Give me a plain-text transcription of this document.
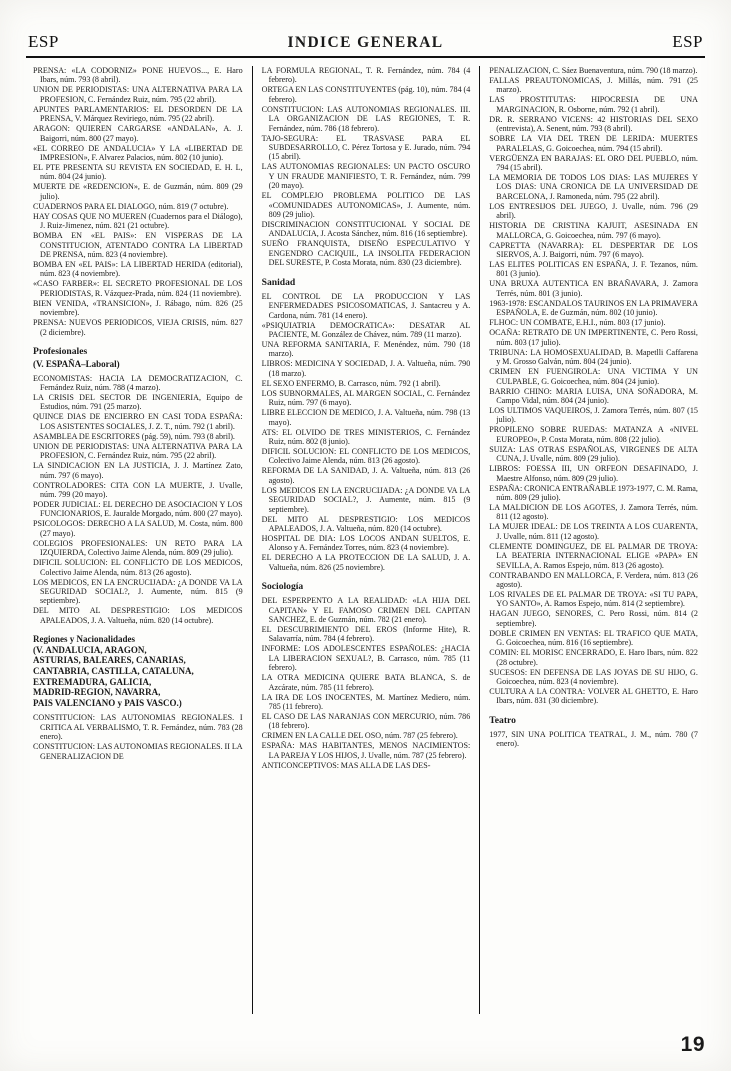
ESP	INDICE GENERAL	ESP
PRENSA: «LA CODORNIZ» PONE HUEVOS..., E. Haro Ibars, núm. 793 (8 abril).
UNION DE PERIODISTAS: UNA ALTERNATIVA PARA LA PROFESION, C. Fernández Ruiz, núm. 795 (22 abril).
APUNTES PARLAMENTARIOS: EL DESORDEN DE LA PRENSA, V. Márquez Reviriego, núm. 795 (22 abril).
ARAGON: QUIEREN CARGARSE «ANDALAN», A. J. Baigorri, núm. 800 (27 mayo).
«EL CORREO DE ANDALUCIA» Y LA «LIBERTAD DE IMPRESION», F. Alvarez Palacios, núm. 802 (10 junio).
EL PTE PRESENTA SU REVISTA EN SOCIEDAD, E. H. L, núm. 804 (24 junio).
MUERTE DE «REDENCION», E. de Guzmán, núm. 809 (29 julio).
CUADERNOS PARA EL DIALOGO, núm. 819 (7 octubre).
HAY COSAS QUE NO MUEREN (Cuadernos para el Diálogo), J. Ruiz-Jimenez, núm. 821 (21 octubre).
BOMBA EN «EL PAIS»: EN VISPERAS DE LA CONSTITUCION, ATENTADO CONTRA LA LIBERTAD DE PRENSA, núm. 823 (4 noviembre).
BOMBA EN «EL PAIS»: LA LIBERTAD HERIDA (editorial), núm. 823 (4 noviembre).
«CASO FARBER»: EL SECRETO PROFESIONAL DE LOS PERIODISTAS, R. Vázquez-Prada, núm. 824 (11 noviembre).
BIEN VENIDA, «TRANSICION», J. Rábago, núm. 826 (25 noviembre).
PRENSA: NUEVOS PERIODICOS, VIEJA CRISIS, núm. 827 (2 diciembre).
Profesionales
(V. ESPAÑA–Laboral)
ECONOMISTAS: HACIA LA DEMOCRATIZACION, C. Fernández Ruiz, núm. 788 (4 marzo).
LA CRISIS DEL SECTOR DE INGENIERIA, Equipo de Estudios, núm. 791 (25 marzo).
QUINCE DIAS DE ENCIERRO EN CASI TODA ESPAÑA: LOS ASISTENTES SOCIALES, J. Z. T., núm. 792 (1 abril).
ASAMBLEA DE ESCRITORES (pág. 59), núm. 793 (8 abril).
UNION DE PERIODISTAS: UNA ALTERNATIVA PARA LA PROFESION, C. Fernández Ruiz, núm. 795 (22 abril).
LA SINDICACION EN LA JUSTICIA, J. J. Martínez Zato, núm. 797 (6 mayo).
CONTROLADORES: CITA CON LA MUERTE, J. Uvalle, núm. 799 (20 mayo).
PODER JUDICIAL: EL DERECHO DE ASOCIACION Y LOS FUNCIONARIOS, E. Jauralde Morgado, núm. 800 (27 mayo).
PSICOLOGOS: DERECHO A LA SALUD, M. Costa, núm. 800 (27 mayo).
COLEGIOS PROFESIONALES: UN RETO PARA LA IZQUIERDA, Colectivo Jaime Alenda, núm. 809 (29 julio).
DIFICIL SOLUCION: EL CONFLICTO DE LOS MEDICOS, Colectivo Jaime Alenda, núm. 813 (26 agosto).
LOS MEDICOS, EN LA ENCRUCIJADA: ¿A DONDE VA LA SEGURIDAD SOCIAL?, J. Aumente, núm. 815 (9 septiembre).
DEL MITO AL DESPRESTIGIO: LOS MEDICOS APALEADOS, J. A. Valtueña, núm. 820 (14 octubre).
Regiones y Nacionalidades
(V. ANDALUCIA, ARAGON,
ASTURIAS, BALEARES, CANARIAS,
CANTABRIA, CASTILLA, CATALUNA,
EXTREMADURA, GALICIA,
MADRID-REGION, NAVARRA,
PAIS VALENCIANO y PAIS VASCO.)
CONSTITUCION: LAS AUTONOMIAS REGIONALES. I CRITICA AL VERBALISMO, T. R. Fernández, núm. 783 (28 enero).
CONSTITUCION: LAS AUTONOMIAS REGIONALES. II LA GENERALIZACION DE
LA FORMULA REGIONAL, T. R. Fernández, núm. 784 (4 febrero).
ORTEGA EN LAS CONSTITUYENTES (pág. 10), núm. 784 (4 febrero).
CONSTITUCION: LAS AUTONOMIAS REGIONALES. III. LA ORGANIZACION DE LAS REGIONES, T. R. Fernández, núm. 786 (18 febrero).
TAJO-SEGURA: EL TRASVASE PARA EL SUBDESARROLLO, C. Pérez Tortosa y E. Jurado, núm. 794 (15 abril).
LAS AUTONOMIAS REGIONALES: UN PACTO OSCURO Y UN FRAUDE MANIFIESTO, T. R. Fernández, núm. 799 (20 mayo).
EL COMPLEJO PROBLEMA POLITICO DE LAS «COMUNIDADES AUTONOMICAS», J. Aumente, núm. 809 (29 julio).
DISCRIMINACION CONSTITUCIONAL Y SOCIAL DE ANDALUCIA, J. Acosta Sánchez, núm. 816 (16 septiembre).
SUEÑO FRANQUISTA, DISEÑO ESPECULATIVO Y ENGENDRO CACIQUIL, LA INSOLITA FEDERACION DEL SURESTE, P. Costa Morata, núm. 830 (23 diciembre).
Sanidad
EL CONTROL DE LA PRODUCCION Y LAS ENFERMEDADES PSICOSOMATICAS, J. Santacreu y A. Cardona, núm. 781 (14 enero).
«PSIQUIATRIA DEMOCRATICA»: DESATAR AL PACIENTE, M. González de Chávez, núm. 789 (11 marzo).
UNA REFORMA SANITARIA, F. Menéndez, núm. 790 (18 marzo).
LIBROS: MEDICINA Y SOCIEDAD, J. A. Valtueña, núm. 790 (18 marzo).
EL SEXO ENFERMO, B. Carrasco, núm. 792 (1 abril).
LOS SUBNORMALES, AL MARGEN SOCIAL, C. Fernández Ruiz, núm. 797 (6 mayo).
LIBRE ELECCION DE MEDICO, J. A. Valtueña, núm. 798 (13 mayo).
ATS: EL OLVIDO DE TRES MINISTERIOS, C. Fernández Ruiz, núm. 802 (8 junio).
DIFICIL SOLUCION: EL CONFLICTO DE LOS MEDICOS, Colectivo Jaime Alenda, núm. 813 (26 agosto).
REFORMA DE LA SANIDAD, J. A. Valtueña, núm. 813 (26 agosto).
LOS MEDICOS EN LA ENCRUCIJADA: ¿A DONDE VA LA SEGURIDAD SOCIAL?, J. Aumente, núm. 815 (9 septiembre).
DEL MITO AL DESPRESTIGIO: LOS MEDICOS APALEADOS, J. A. Valtueña, núm. 820 (14 octubre).
HOSPITAL DE DIA: LOS LOCOS ANDAN SUELTOS, E. Alonso y A. Fernández Torres, núm. 823 (4 noviembre).
EL DERECHO A LA PROTECCION DE LA SALUD, J. A. Valtueña, núm. 826 (25 noviembre).
Sociología
DEL ESPERPENTO A LA REALIDAD: «LA HIJA DEL CAPITAN» Y EL FAMOSO CRIMEN DEL CAPITAN SANCHEZ, E. de Guzmán, núm. 782 (21 enero).
EL DESCUBRIMIENTO DEL EROS (Informe Hite), R. Salavarría, núm. 784 (4 febrero).
INFORME: LOS ADOLESCENTES ESPAÑOLES: ¿HACIA LA LIBERACION SEXUAL?, B. Carrasco, núm. 785 (11 febrero).
LA OTRA MEDICINA QUIERE BATA BLANCA, S. de Azcárate, núm. 785 (11 febrero).
LA IRA DE LOS INOCENTES, M. Martínez Mediero, núm. 785 (11 febrero).
EL CASO DE LAS NARANJAS CON MERCURIO, núm. 786 (18 febrero).
CRIMEN EN LA CALLE DEL OSO, núm. 787 (25 febrero).
ESPAÑA: MAS HABITANTES, MENOS NACIMIENTOS: LA PAREJA Y LOS HIJOS, J. Uvalle, núm. 787 (25 febrero).
ANTICONCEPTIVOS: MAS ALLA DE LAS DES-
PENALIZACION, C. Sáez Buenaventura, núm. 790 (18 marzo).
FALLAS PREAUTONOMICAS, J. Millás, núm. 791 (25 marzo).
LAS PROSTITUTAS: HIPOCRESIA DE UNA MARGINACION, R. Osborne, núm. 792 (1 abril).
DR. R. SERRANO VICENS: 42 HISTORIAS DEL SEXO (entrevista), A. Senent, núm. 793 (8 abril).
SOBRE LA VIA DEL TREN DE LERIDA: MUERTES PARALELAS, G. Goicoechea, núm. 794 (15 abril).
VERGÜENZA EN BARAJAS: EL ORO DEL PUEBLO, núm. 794 (15 abril).
LA MEMORIA DE TODOS LOS DIAS: LAS MUJERES Y LOS DIAS: UNA CRONICA DE LA UNIVERSIDAD DE BARCELONA, J. Ramoneda, núm. 795 (22 abril).
LOS ENTRESIJOS DEL JUEGO, J. Uvalle, núm. 796 (29 abril).
HISTORIA DE CRISTINA KAJUIT, ASESINADA EN MALLORCA, G. Goicoechea, núm. 797 (6 mayo).
CAPRETTA (NAVARRA): EL DESPERTAR DE LOS SIERVOS, A. J. Baigorri, núm. 797 (6 mayo).
LAS ELITES POLITICAS EN ESPAÑA, J. F. Tezanos, núm. 801 (3 junio).
UNA BRUXA AUTENTICA EN BRAÑAVARA, J. Zamora Terrés, núm. 801 (3 junio).
1963-1978: ESCANDALOS TAURINOS EN LA PRIMAVERA ESPAÑOLA, E. de Guzmán, núm. 802 (10 junio).
FLHOC: UN COMBATE, E.H.I., núm. 803 (17 junio).
OCAÑA: RETRATO DE UN IMPERTINENTE, C. Pero Rossi, núm. 803 (17 julio).
TRIBUNA: LA HOMOSEXUALIDAD, B. Mapetlli Caffarena y M. Grosso Galván, núm. 804 (24 junio).
CRIMEN EN FUENGIROLA: UNA VICTIMA Y UN CULPABLE, G. Goicoechea, núm. 804 (24 junio).
BARRIO CHINO: MARIA LUISA, UNA SOÑADORA, M. Campo Vidal, núm. 804 (24 junio).
LOS ULTIMOS VAQUEIROS, J. Zamora Terrés, núm. 807 (15 julio).
PROPILENO SOBRE RUEDAS: MATANZA A «NIVEL EUROPEO», P. Costa Morata, núm. 808 (22 julio).
SUIZA: LAS OTRAS ESPAÑOLAS, VIRGENES DE ALTA CUNA, J. Uvalle, núm. 809 (29 julio).
LIBROS: FOESSA III, UN ORFEON DESAFINADO, J. Maestre Alfonso, núm. 809 (29 julio).
ESPAÑA: CRONICA ENTRAÑABLE 1973-1977, C. M. Rama, núm. 809 (29 julio).
LA MALDICION DE LOS AGOTES, J. Zamora Terrés, núm. 811 (12 agosto).
LA MUJER IDEAL: DE LOS TREINTA A LOS CUARENTA, J. Uvalle, núm. 811 (12 agosto).
CLEMENTE DOMINGUEZ, DE EL PALMAR DE TROYA: LA BEATERIA INTERNACIONAL ELIGE «PAPA» EN SEVILLA, A. Ramos Espejo, núm. 813 (26 agosto).
CONTRABANDO EN MALLORCA, F. Verdera, núm. 813 (26 agosto).
LOS RIVALES DE EL PALMAR DE TROYA: «SI TU PAPA, YO SANTO», A. Ramos Espejo, núm. 814 (2 septiembre).
HAGAN JUEGO, SENORES, C. Pero Rossi, núm. 814 (2 septiembre).
DOBLE CRIMEN EN VENTAS: EL TRAFICO QUE MATA, G. Goicoechea, núm. 816 (16 septiembre).
COMIN: EL MORISC ENCERRADO, E. Haro Ibars, núm. 822 (28 octubre).
SUCESOS: EN DEFENSA DE LAS JOYAS DE SU HIJO, G. Goicoechea, núm. 823 (4 noviembre).
CULTURA A LA CONTRA: VOLVER AL GHETTO, E. Haro Ibars, núm. 831 (30 diciembre).
Teatro
1977, SIN UNA POLITICA TEATRAL, J. M., núm. 780 (7 enero).
19
